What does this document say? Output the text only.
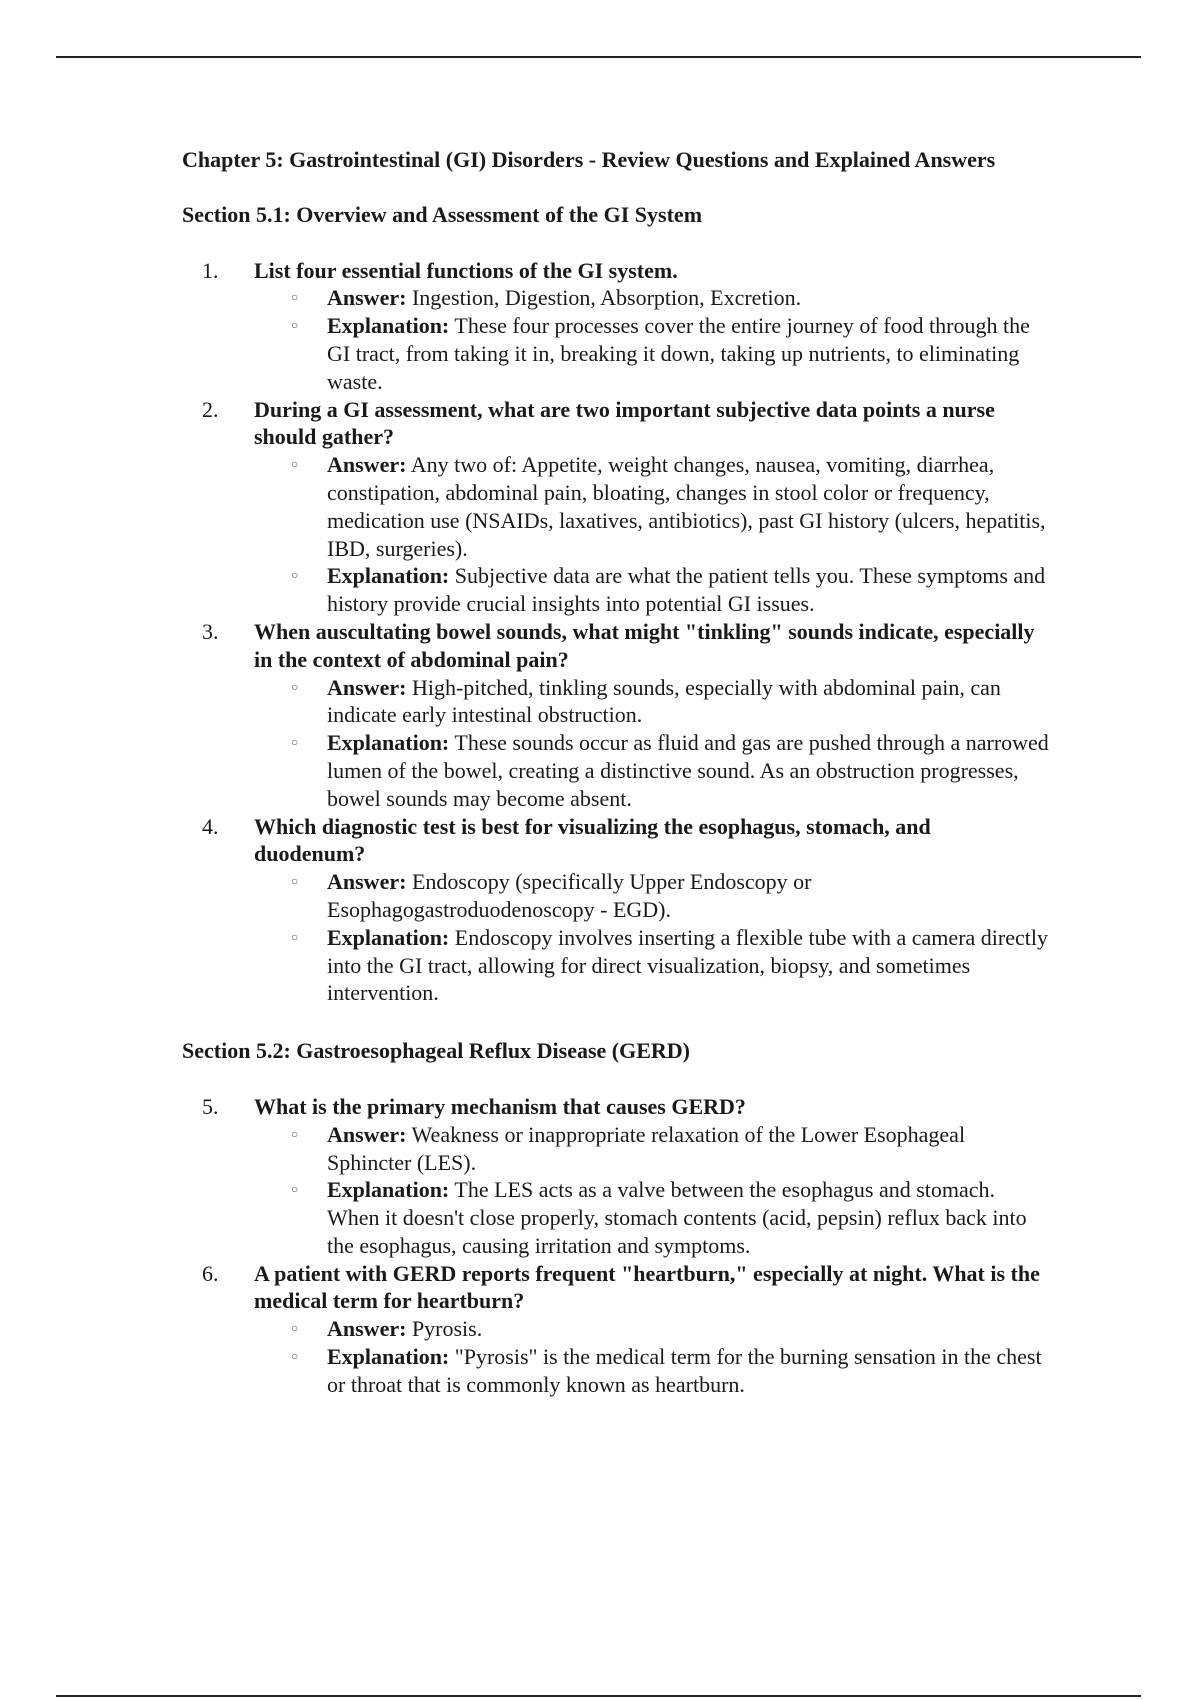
Chapter 5: Gastrointestinal (GI) Disorders - Review Questions and Explained Answers

Section 5.1: Overview and Assessment of the GI System

1.	List four essential functions of the GI system.
○ Answer: Ingestion, Digestion, Absorption, Excretion.
○ Explanation: These four processes cover the entire journey of food through the GI tract, from taking it in, breaking it down, taking up nutrients, to eliminating waste.
2.	During a GI assessment, what are two important subjective data points a nurse should gather?
○ Answer: Any two of: Appetite, weight changes, nausea, vomiting, diarrhea, constipation, abdominal pain, bloating, changes in stool color or frequency, medication use (NSAIDs, laxatives, antibiotics), past GI history (ulcers, hepatitis, IBD, surgeries).
○ Explanation: Subjective data are what the patient tells you. These symptoms and history provide crucial insights into potential GI issues.
3.	When auscultating bowel sounds, what might "tinkling" sounds indicate, especially in the context of abdominal pain?
○ Answer: High-pitched, tinkling sounds, especially with abdominal pain, can indicate early intestinal obstruction.
○ Explanation: These sounds occur as fluid and gas are pushed through a narrowed lumen of the bowel, creating a distinctive sound. As an obstruction progresses, bowel sounds may become absent.
4.	Which diagnostic test is best for visualizing the esophagus, stomach, and duodenum?
○ Answer: Endoscopy (specifically Upper Endoscopy or Esophagogastroduodenoscopy - EGD).
○ Explanation: Endoscopy involves inserting a flexible tube with a camera directly into the GI tract, allowing for direct visualization, biopsy, and sometimes intervention.

Section 5.2: Gastroesophageal Reflux Disease (GERD)

5.	What is the primary mechanism that causes GERD?
○ Answer: Weakness or inappropriate relaxation of the Lower Esophageal Sphincter (LES).
○ Explanation: The LES acts as a valve between the esophagus and stomach. When it doesn't close properly, stomach contents (acid, pepsin) reflux back into the esophagus, causing irritation and symptoms.
6.	A patient with GERD reports frequent "heartburn," especially at night. What is the medical term for heartburn?
○ Answer: Pyrosis.
○ Explanation: "Pyrosis" is the medical term for the burning sensation in the chest or throat that is commonly known as heartburn.
